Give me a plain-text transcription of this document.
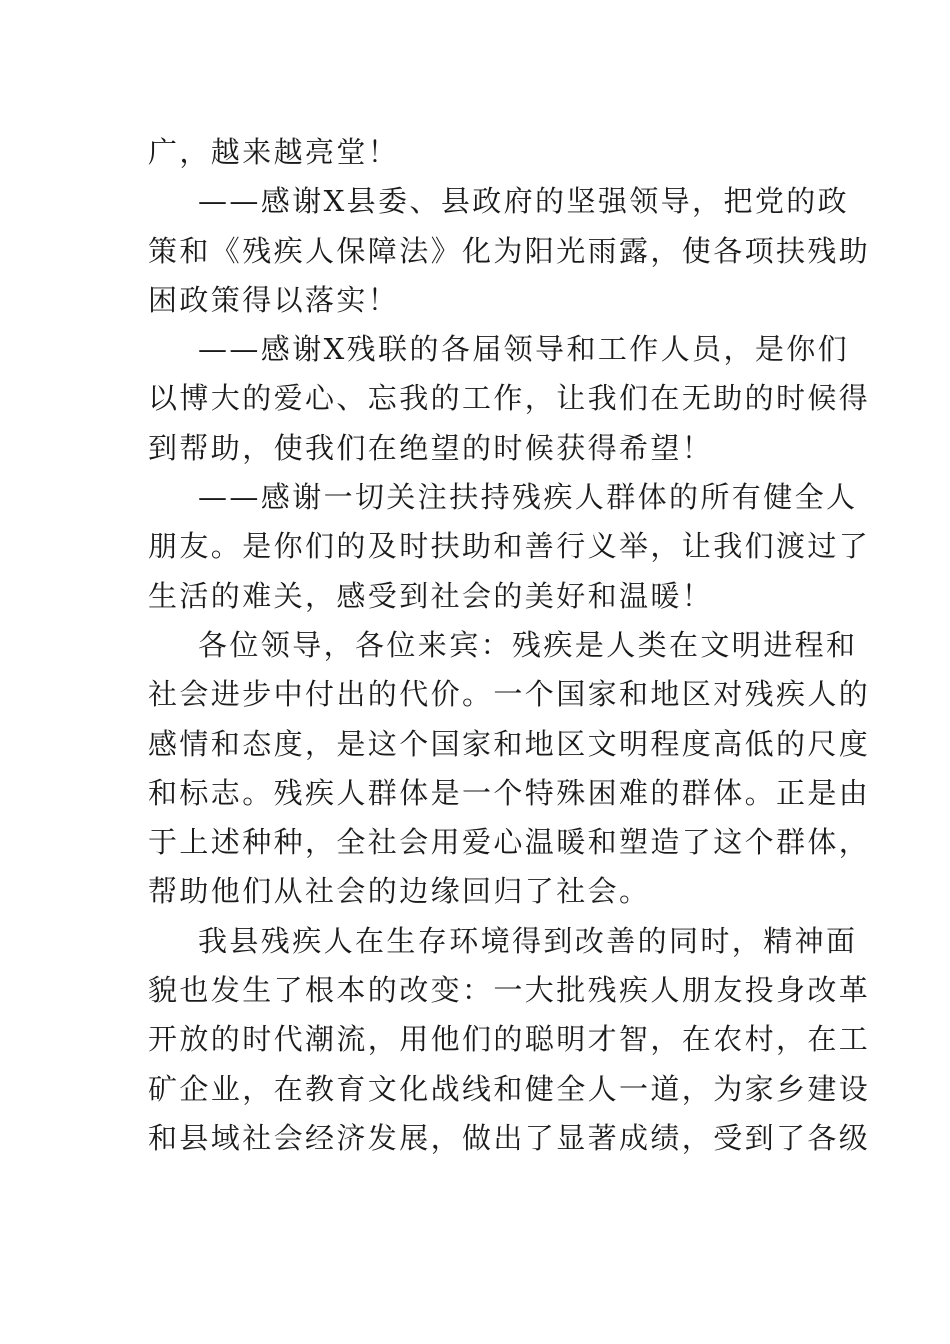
广，越来越亮堂！
——感谢X县委、县政府的坚强领导，把党的政
策和《残疾人保障法》化为阳光雨露，使各项扶残助
困政策得以落实！
——感谢X残联的各届领导和工作人员，是你们
以博大的爱心、忘我的工作，让我们在无助的时候得
到帮助，使我们在绝望的时候获得希望！
——感谢一切关注扶持残疾人群体的所有健全人
朋友。是你们的及时扶助和善行义举，让我们渡过了
生活的难关，感受到社会的美好和温暖！
各位领导，各位来宾：残疾是人类在文明进程和
社会进步中付出的代价。一个国家和地区对残疾人的
感情和态度，是这个国家和地区文明程度高低的尺度
和标志。残疾人群体是一个特殊困难的群体。正是由
于上述种种，全社会用爱心温暖和塑造了这个群体，
帮助他们从社会的边缘回归了社会。
我县残疾人在生存环境得到改善的同时，精神面
貌也发生了根本的改变：一大批残疾人朋友投身改革
开放的时代潮流，用他们的聪明才智，在农村，在工
矿企业，在教育文化战线和健全人一道，为家乡建设
和县域社会经济发展，做出了显著成绩，受到了各级
